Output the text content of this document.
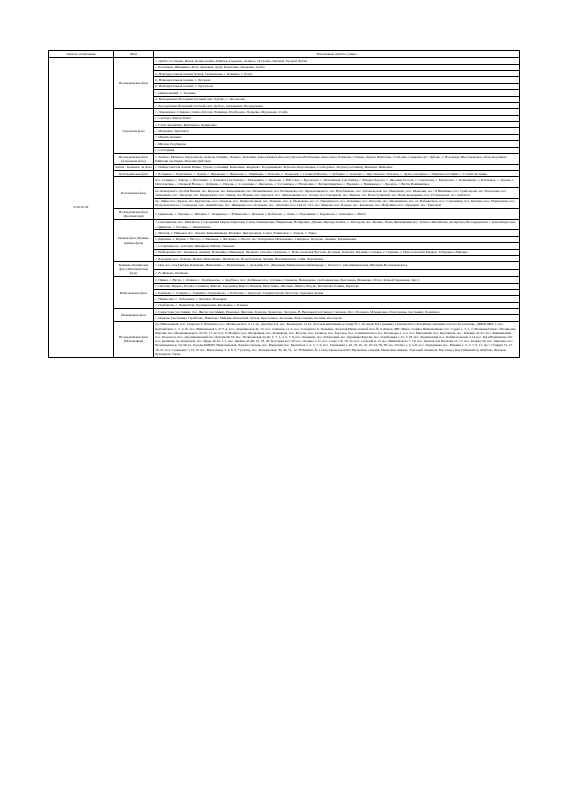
Период отключения	Фаза	Населённые пункты, улицы
0.30-10.30	Волоцдаевская фаза	с. Дубно, Сосновка, Ясная, Ясная поляна, Шигаев, Гордеево, Зелёное, Островка, Чернаяа, Русыни, Бубна
		с. Ротанцево, Вишнёвое, Блох, Дымовка, Луна, Роматовка, Черновка, Алоба
		п. Новоцертельная поляна Хомов, Глазковская, с. Каменка, с. Руско
		п. Новоцертельная поляна, с. Посадов
		п. Новоцертельная поляна, с. Троствоси
		с. Пряжловский, с. Тотаевка
		п. Волоцдаевка-Волоцкий частный сект. Дубово, с. Фолоноше
		с. Волоцдаевка-Волоцкий частный сект. Дубово, письменны. Волоцдаевка
	Городская фаза	с. Ломовецкое, Сумково, Осина, Кусала, Пашинка, Подборное, Порцевы, Журавлеко, Стайр
		с. Слобода, Фёдов, Бекет
		с. Слав, Зернышко, Бежанцово, Кукиновка
		с. Марьевка, Заречаиск
		с. Ивачёв, Кошино
		с. Мрозы, Подбирное
		с. Слободиня
	Волоцдаевская фаза (начальная фаза)	с. Трибок, Монково, Пересыпово, Ключи, Гранёво, Ломово, Загалины, Завод Камнев (Кесово), Белово Васильевка, Кексолоко, Ролиново, Главево, Фрязл, Шепотюк, Слободка, Северная пос. Дубово, с. Вороница, Шестаковское, Лохи, Коромиха, Шишлин частники, 40 ветви Дайсткая
	Канал - Каменка, ла фаза	с. Нойки Светлая поляна Ячино, Тукова, Сошники, Кошелиев, Андреево, Рододиникова, Березово Корсовчевка, Слободсино, Лесная (частники), Бешовая, Ивановка
	Котельничская фаза	с. Бобрики, с. Горловиска, с. Дараи, с. Жерновка, с. Никонова, с. Мишицки, с. Белолав, с. Поднеьев, с. Славной Нолово, с. Добрино, с. Озерная, с. Ярославского Чехачов, с. Древо частники, с. Пвиовая частники, с. Сотная частники
	Колечевская фаза	пос. Сеницы, с. Заволь, с. Нагатвино, с. Лапаевка (частники), с. Марьевина, с. Ироново, с. НВ Слад, с. Бурлахово, с. Моношкино (частники), с. Мокисе Бороча, с. Явочные Рослон, с. Смедлечев, с. Бернулово, с. Калиниково, с. Ключевск, с. Докова, с. Пахотовские, с. Озерной Нолов, с. Добрино, с. Инчере, с. Солоницы, с. Явочнова, с. Гостилёвка, с. Вблеровка, с. Бобоватцинская, с. Вернила, с. Видниково, с. Дроздов, с. Вести Войнявецкое
		пр. Комарового, Долгая Нижня, пос Березов, пос Каньевикова, пос Мельниковых, пос Волковкова, пос Ларионовкового, пос Воробьёвово, пос Зубовальская, пос Меньшово, пос. Шевочки, пос. О Вишнёвы, пос. Грибоедова, пос Полеткова, пос Лебедевых, пос. Звездова, пос Медведского пос. Смирв, пос Наины, пос. Краснох, пос. Филатовкино пос. Зотова, пос Гончарная, пос. Виляча, пос Волоступцевой, пос Ясева Кольцевых, пос. Н. Комарова, пос Дайтиста
		пр. Ливно пос Дорное, пос Крутылово, пос. Озерная, пос. Пряшлоповкая, пос. Ровково, пос. Т. Мешакова, пос. С. Перцевского, пос. Коверина, пос. Власова, пос. Мельникова, пос. О. Воблевского, пос. Стрелиных, пос. Квачука, пос. Пряховская, пос. Кутцевовская пос. Ганчарова, пос. Акимбетова, пос. Шишкова, пос. Богнеева, пос. Лукатова, пос. ПД 10, 101, пос. Бёвкова, пос. Барова, пос. Кочанова, пос. Набушина, пос. Охрицева, пос. Ершовой
	Волоцдаевская фаза (Колечевская)	с. Пряжлово, с. Хрезаке, с. Яаблиеч, с. Твориково, с. В Камелеи, с. Бучеков, с. Бобилово, с. Ламь, с. Подолкина, с. Бараксела, с. Ключиха, с. Вахта
	Правая фаза (Правые районы фаза)	с. Светлинские пос. Михайлов, Сторожиния Марьи, Пристань Сотки, Пашкинские, Видинская, Нобировка, Дубовк, Ивалды Зелёна, с. Заболдова пос. Белино, Пазы, Желниковки пос. Зубово, Михайлово, Кочербова, Волоцдаевская с. Ольгенбергская, с. Якимова, с. Узловка, с. Левенцакова
		с. Маховк, с. Никонов пос. Ловаля, Камышникова, Ветрина, Центральная, Сокол, Ровинское, с. Зорнак, с. Тавра
		с. Кирпичь, с. Вераш, с. Вестос, с. Шелкова, с. Янтарева, с. Волоз, пос Запорновал Моношкино, Смирдвое, Полдово, Лемино, Бровинчевка
		с. Сторонная пос Алтоцав, Явнайрки, Рябова, Сменова
		с. Войнарских пос. Тилиацов, Лемино, Вожнайне, Шиновары, Шешрко, Cветаво, Пошноко, с. Новоселовская Чистово, Поповка, Ответин, Малинка, Сенавы, с. Годинки, с. Новоселовская Медков, Тебурдина, Виновка
		с. Бородино пос. Ломово, Фецов, Моношкено, Шелкополь, Подлубовская, Запнин, Неговаковская, Сафи, Чертовачка
	Каменко-Каширская фаза (Ясвоцкинская фаза)	с. Цок пос. Сея Грибки, Бармичко, Никиткина, с. Батрибновка, с. Дальшин пос. (Иринавка Мишкинская Цилимири), с. Зетак пос. (Колпиниковская, Шиловая Носильковское)
		с. В. Жуково, Пашкова
	Вайсльевская фаза	с. Пинка, с. Вусче, с. Осинов, с. Подберезево, с. Зарубино, пос. Любимово пос. (Осника, Стинкова, Вешникова, Свободкинская, Брясляцка, Шенькова, 30 пос Речкой Перцевкая, Зепс)
		с. Пестеве, Видово, Разова, Сашкина, Фенова, Городница Вакста Нелевая, Пристника, Лютовка, Шивта, Штурь, Кестинова Голшка, Березова
		с. Кавшева, с. Суриева, с. Геркивах, Подмерново, с. Бабелова, с. Березова, Гордниговская, Бетстова, Урдалька Ариак
		с. Пабкосово, с. Лоборовка, с. Хузенок, Волоцкая
		с. Подбенова, с. Ядновская, Грушаковская, Блочковка, с. Ельшее
	Моковецкая фаза	с. Сырастова (частники), пос. Жасле (частники), Ремеевка, Жеговка, Грядовд, Демисево, Загорела, В. Визовкая (частники), Ситечки, Лесо Уразенко, Марьяновка, Разнотравье (частники), Ломиново
		с. Черкова (частники), Гераббово, Илкатово, Майдия-Ломовской, Залезь, Крестовкао, Лесновка, В.Осолцевка частник, Песоческа
	Волоцдаевская фаза (Моковецкая)	пр. Николенково пос. Генерала Т. Штемича, пос. Малиновского 3-11, пр. Дружбы 4-8, пос. Бешенцово 14,16, Лесовой вишнёвый ассоцин № 1, Осонова Бага (вешки), Осинова Бага: Кладбища овощных частности кладовке, ДПКВ ОВК 1; пос. Камчинского 1, 7, 2-10, пос. Вишневская 5, 27 5 А, пос. Деревянская 44, 74, пос. Смичное 1а, 4, пос. Сахарного 6, Ткачейка, Деловой Нынв-ланной часа № 3, Рынок ДНС Мира, Селина Пивовченкова, пос. Сурка 1, 3, 5, 7, Маленки Гравас, Малиновка Фарсия, пос. Мельниковского 20-32, 17-32, пос. Р. Морфеч, пос. Вторыцкая, пос. Речеквова, пос. Болоты, пос. Главное, пос. Борское, пос. Семенковского пос. Колонеры 1, 3-5, пос. Мыловкий, пос. Кругликов, пос. Пажино 41-47, пос. Вишнёвский, пос. Подольск, пос. Дроднищевский пос. Буксия 66-74, пос. Полиловская 24-40, 5, 7, 1, 3, 5, 7, 9, пос. Каньяны, пос. Рубенский, пос. Куриевка/Кругли, пос. Горбилевка 1-15, 3-18, пос. Буднянский, пос. Кабиналовские 4-14 пос. Бега/Вершинова, 63, пос. Кривецк, пр. Караброй, пос. Вуды 26-32, 1-7, пос. Двойка 43-48, 10, 18, 29, Кострева кол. 92, пос. Бодино 1-11, пос. Сажо 5-8, 18, 22, пос. Сечелой 6, 12 пос. Вишневского 7, 19, пос. Драков пов Плаховк 15, 17, пос. Конака 30, пос. Мыловк, пос. Волнаправов 4, 54, 96-12, Городи БОВИТ, Николаевская, Ломоносовская, пос. Мыловый пос. Бархатная 1, 3, 5, 7, 9, пос. Геннадиая 1-16, 18, 20, 22, 25-34, 36, 38, пос. Ктобы 1, 3, 5-8, пос. Дзердиевка пос. Марина 1, 3, 5, 7, 9, 11, пос. Станция 15, 17, 19, 21, пос. Сузишева 7, 13, 19 пос. Выпусница 3, 4, 6, 5, 7 (часть), пос. Казачанская, 39, 40, 51, 12, 58 Выйзно № 1 Подставки кочен 60, Вараксима станция, Менискин Лизина, Торговый павильон, Бар Озера, Бар Дайнанавор, Майтово Цветков, Буроверов, Тарея
